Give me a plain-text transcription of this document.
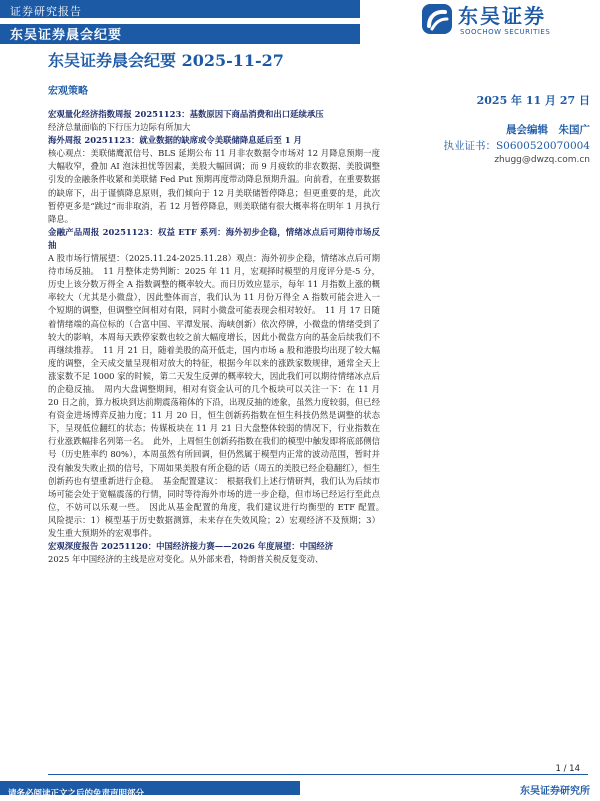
证券研究报告
东吴证券晨会纪要
东吴证券
SOOCHOW SECURITIES
东吴证券晨会纪要 2025-11-27
宏观策略
2025 年 11 月 27 日
晨会编辑　朱国广
执业证书：S0600520070004
zhugg@dwzq.com.cn

宏观量化经济指数周报 20251123：基数原因下商品消费和出口延续承压

经济总量面临的下行压力边际有所加大

海外周报 20251123：就业数据的缺席或令美联储降息延后至 1 月

核心观点：美联储鹰派信号、BLS 延期公布 11 月非农数据令市场对 12 月降息预期一度大幅收窄，叠加 AI 泡沫担忧等因素，美股大幅回调；而 9 月疲软的非农数据、美股调整引发的金融条件收紧和美联储 Fed Put 预期再度带动降息预期升温。向前看，在重要数据的缺席下，出于谨慎降息原则，我们倾向于 12 月美联储暂停降息；但更重要的是，此次暂停更多是“跳过”而非取消，若 12 月暂停降息，则美联储有很大概率将在明年 1 月执行降息。

金融产品周报 20251123：权益 ETF 系列：海外初步企稳，情绪冰点后可期待市场反抽

A 股市场行情展望：（2025.11.24-2025.11.28）观点：海外初步企稳，情绪冰点后可期待市场反抽。　11 月整体走势判断：2025 年 11 月，宏观择时模型的月度评分是-5 分，历史上该分数万得全 A 指数调整的概率较大。而日历效应显示，每年 11 月指数上涨的概率较大（尤其是小微盘），因此整体而言，我们认为 11 月份万得全 A 指数可能会进入一个短期的调整，但调整空间相对有限，同时小微盘可能表现会相对较好。　11 月 17 日随着情绪端的高位标的（合富中国、平潭发展、海峡创新）依次停牌，小微盘的情绪受到了较大的影响，本周每天跌停家数也较之前大幅度增长，因此小微盘方向的基金后续我们不再继续推荐。　11 月 21 日，随着美股的高开低走，国内市场 a 股和港股均出现了较大幅度的调整，全天成交量呈现相对放大的特征，根据今年以来的涨跌家数规律，通常全天上涨家数不足 1000 家的时候，第二天发生反弹的概率较大，因此我们可以期待情绪冰点后的企稳反抽。　周内大盘调整期间，相对有资金认可的几个板块可以关注一下：在 11 月 20 日之前，算力板块到达前期震荡箱体的下沿，出现反抽的迹象，虽然力度较弱，但已经有资金进场博弈反抽力度；11 月 20 日，恒生创新药指数在恒生科技仍然是调整的状态下，呈现低位翻红的状态；传媒板块在 11 月 21 日大盘整体较弱的情况下，行业指数在行业涨跌幅排名列第一名。　此外，上周恒生创新药指数在我们的模型中触发即将底部侧信号（历史胜率约 80%），本周虽然有所回调，但仍然属于模型内正常的波动范围，暂时并没有触发失败止损的信号，下周如果美股有所企稳的话（周五的美股已经企稳翻红），恒生创新药也有望重新进行企稳。　基金配置建议：　根据我们上述行情研判，我们认为后续市场可能会处于宽幅震荡的行情，同时等待海外市场的进一步企稳，但市场已经运行至此点位，不妨可以乐观一些。　因此从基金配置的角度，我们建议进行均衡型的 ETF 配置。　风险提示：1）模型基于历史数据测算，未来存在失效风险；2）宏观经济不及预期；3）发生重大预期外的宏观事件。

宏观深度报告 20251120：中国经济接力赛——2026 年度展望：中国经济

2025 年中国经济的主线是应对变化。从外部来看，特朗普关税反复变动、

1 / 14
请务必阅读正文之后的免责声明部分	东吴证券研究所
